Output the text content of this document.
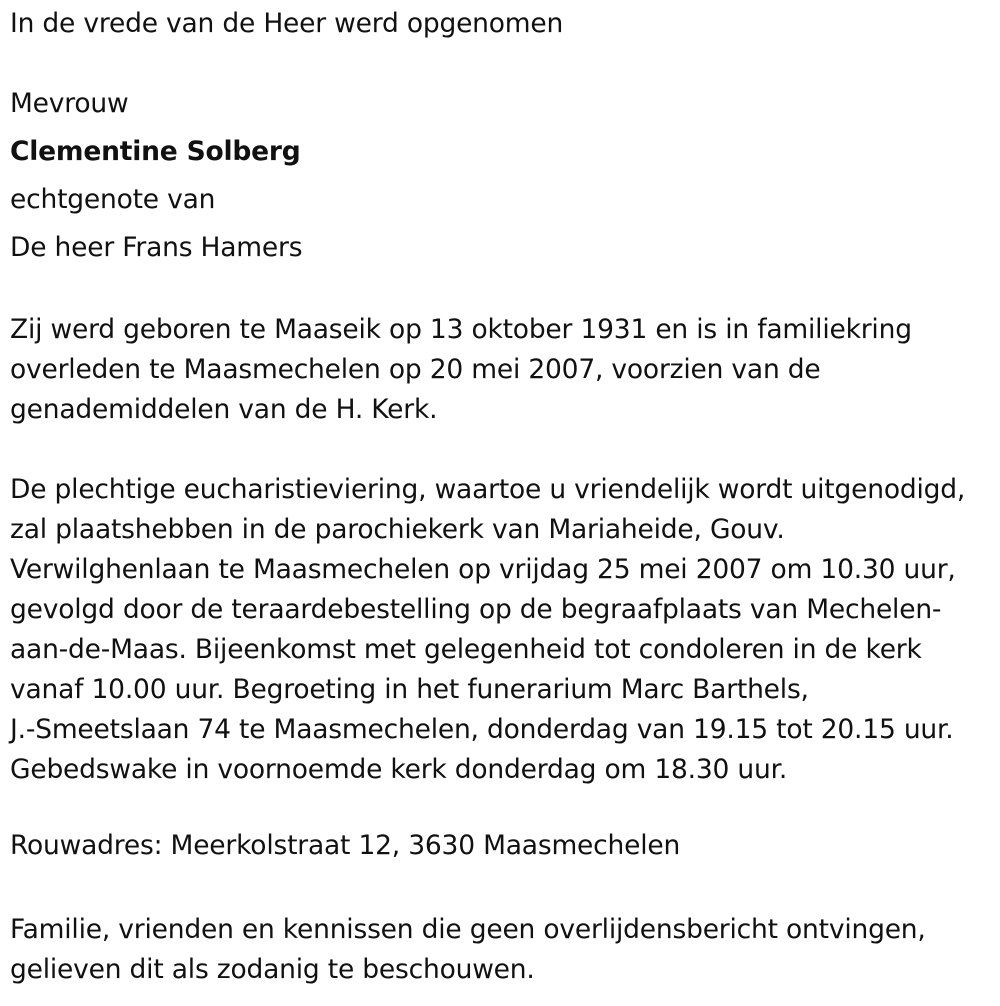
In de vrede van de Heer werd opgenomen
Mevrouw
Clementine Solberg
echtgenote van
De heer Frans Hamers
Zij werd geboren te Maaseik op 13 oktober 1931 en is in familiekring
overleden te Maasmechelen op 20 mei 2007, voorzien van de
genademiddelen van de H. Kerk.
De plechtige eucharistieviering, waartoe u vriendelijk wordt uitgenodigd,
zal plaatshebben in de parochiekerk van Mariaheide, Gouv.
Verwilghenlaan te Maasmechelen op vrijdag 25 mei 2007 om 10.30 uur,
gevolgd door de teraardebestelling op de begraafplaats van Mechelen-
aan-de-Maas. Bijeenkomst met gelegenheid tot condoleren in de kerk
vanaf 10.00 uur. Begroeting in het funerarium Marc Barthels,
J.-Smeetslaan 74 te Maasmechelen, donderdag van 19.15 tot 20.15 uur.
Gebedswake in voornoemde kerk donderdag om 18.30 uur.
Rouwadres: Meerkolstraat 12, 3630 Maasmechelen
Familie, vrienden en kennissen die geen overlijdensbericht ontvingen,
gelieven dit als zodanig te beschouwen.
